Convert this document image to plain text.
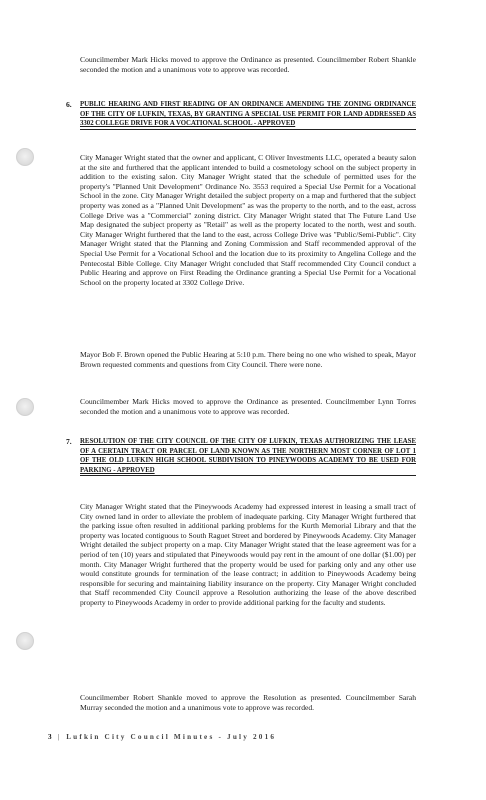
Councilmember Mark Hicks moved to approve the Ordinance as presented. Councilmember Robert Shankle seconded the motion and a unanimous vote to approve was recorded.

6. PUBLIC HEARING AND FIRST READING OF AN ORDINANCE AMENDING THE ZONING ORDINANCE OF THE CITY OF LUFKIN, TEXAS, BY GRANTING A SPECIAL USE PERMIT FOR LAND ADDRESSED AS 3302 COLLEGE DRIVE FOR A VOCATIONAL SCHOOL - APPROVED

City Manager Wright stated that the owner and applicant, C Oliver Investments LLC, operated a beauty salon at the site and furthered that the applicant intended to build a cosmetology school on the subject property in addition to the existing salon. City Manager Wright stated that the schedule of permitted uses for the property's "Planned Unit Development" Ordinance No. 3553 required a Special Use Permit for a Vocational School in the zone. City Manager Wright detailed the subject property on a map and furthered that the subject property was zoned as a "Planned Unit Development" as was the property to the north, and to the east, across College Drive was a "Commercial" zoning district. City Manager Wright stated that The Future Land Use Map designated the subject property as "Retail" as well as the property located to the north, west and south. City Manager Wright furthered that the land to the east, across College Drive was "Public/Semi-Public". City Manager Wright stated that the Planning and Zoning Commission and Staff recommended approval of the Special Use Permit for a Vocational School and the location due to its proximity to Angelina College and the Pentecostal Bible College. City Manager Wright concluded that Staff recommended City Council conduct a Public Hearing and approve on First Reading the Ordinance granting a Special Use Permit for a Vocational School on the property located at 3302 College Drive.

Mayor Bob F. Brown opened the Public Hearing at 5:10 p.m. There being no one who wished to speak, Mayor Brown requested comments and questions from City Council. There were none.

Councilmember Mark Hicks moved to approve the Ordinance as presented. Councilmember Lynn Torres seconded the motion and a unanimous vote to approve was recorded.

7. RESOLUTION OF THE CITY COUNCIL OF THE CITY OF LUFKIN, TEXAS AUTHORIZING THE LEASE OF A CERTAIN TRACT OR PARCEL OF LAND KNOWN AS THE NORTHERN MOST CORNER OF LOT 1 OF THE OLD LUFKIN HIGH SCHOOL SUBDIVISION TO PINEYWOODS ACADEMY TO BE USED FOR PARKING - APPROVED

City Manager Wright stated that the Pineywoods Academy had expressed interest in leasing a small tract of City owned land in order to alleviate the problem of inadequate parking. City Manager Wright furthered that the parking issue often resulted in additional parking problems for the Kurth Memorial Library and that the property was located contiguous to South Raguet Street and bordered by Pineywoods Academy. City Manager Wright detailed the subject property on a map. City Manager Wright stated that the lease agreement was for a period of ten (10) years and stipulated that Pineywoods would pay rent in the amount of one dollar ($1.00) per month. City Manager Wright furthered that the property would be used for parking only and any other use would constitute grounds for termination of the lease contract; in addition to Pineywoods Academy being responsible for securing and maintaining liability insurance on the property. City Manager Wright concluded that Staff recommended City Council approve a Resolution authorizing the lease of the above described property to Pineywoods Academy in order to provide additional parking for the faculty and students.

Councilmember Robert Shankle moved to approve the Resolution as presented. Councilmember Sarah Murray seconded the motion and a unanimous vote to approve was recorded.

3 | Lufkin City Council Minutes - July 2016
